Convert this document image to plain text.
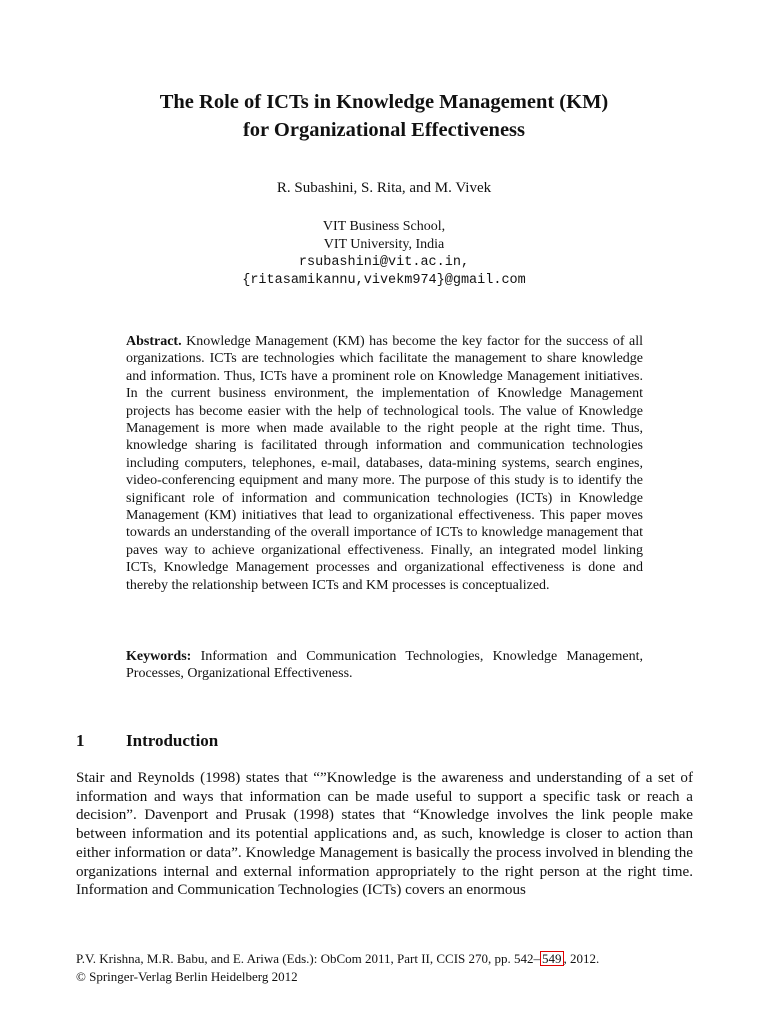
The Role of ICTs in Knowledge Management (KM)
for Organizational Effectiveness
R. Subashini, S. Rita, and M. Vivek
VIT Business School,
VIT University, India
rsubashini@vit.ac.in,
{ritasamikannu,vivekm974}@gmail.com
Abstract. Knowledge Management (KM) has become the key factor for the success of all organizations. ICTs are technologies which facilitate the management to share knowledge and information. Thus, ICTs have a prominent role on Knowledge Management initiatives. In the current business environment, the implementation of Knowledge Management projects has become easier with the help of technological tools. The value of Knowledge Management is more when made available to the right people at the right time. Thus, knowledge sharing is facilitated through information and communication technologies including computers, telephones, e-mail, databases, data-mining systems, search engines, video-conferencing equipment and many more. The purpose of this study is to identify the significant role of information and communication technologies (ICTs) in Knowledge Management (KM) initiatives that lead to organizational effectiveness. This paper moves towards an understanding of the overall importance of ICTs to knowledge management that paves way to achieve organizational effectiveness. Finally, an integrated model linking ICTs, Knowledge Management processes and organizational effectiveness is done and thereby the relationship between ICTs and KM processes is conceptualized.
Keywords: Information and Communication Technologies, Knowledge Management, Processes, Organizational Effectiveness.
1 Introduction
Stair and Reynolds (1998) states that “”Knowledge is the awareness and understanding of a set of information and ways that information can be made useful to support a specific task or reach a decision”. Davenport and Prusak (1998) states that “Knowledge involves the link people make between information and its potential applications and, as such, knowledge is closer to action than either information or data”. Knowledge Management is basically the process involved in blending the organizations internal and external information appropriately to the right person at the right time. Information and Communication Technologies (ICTs) covers an enormous
P.V. Krishna, M.R. Babu, and E. Ariwa (Eds.): ObCom 2011, Part II, CCIS 270, pp. 542– 549 , 2012.
© Springer-Verlag Berlin Heidelberg 2012
